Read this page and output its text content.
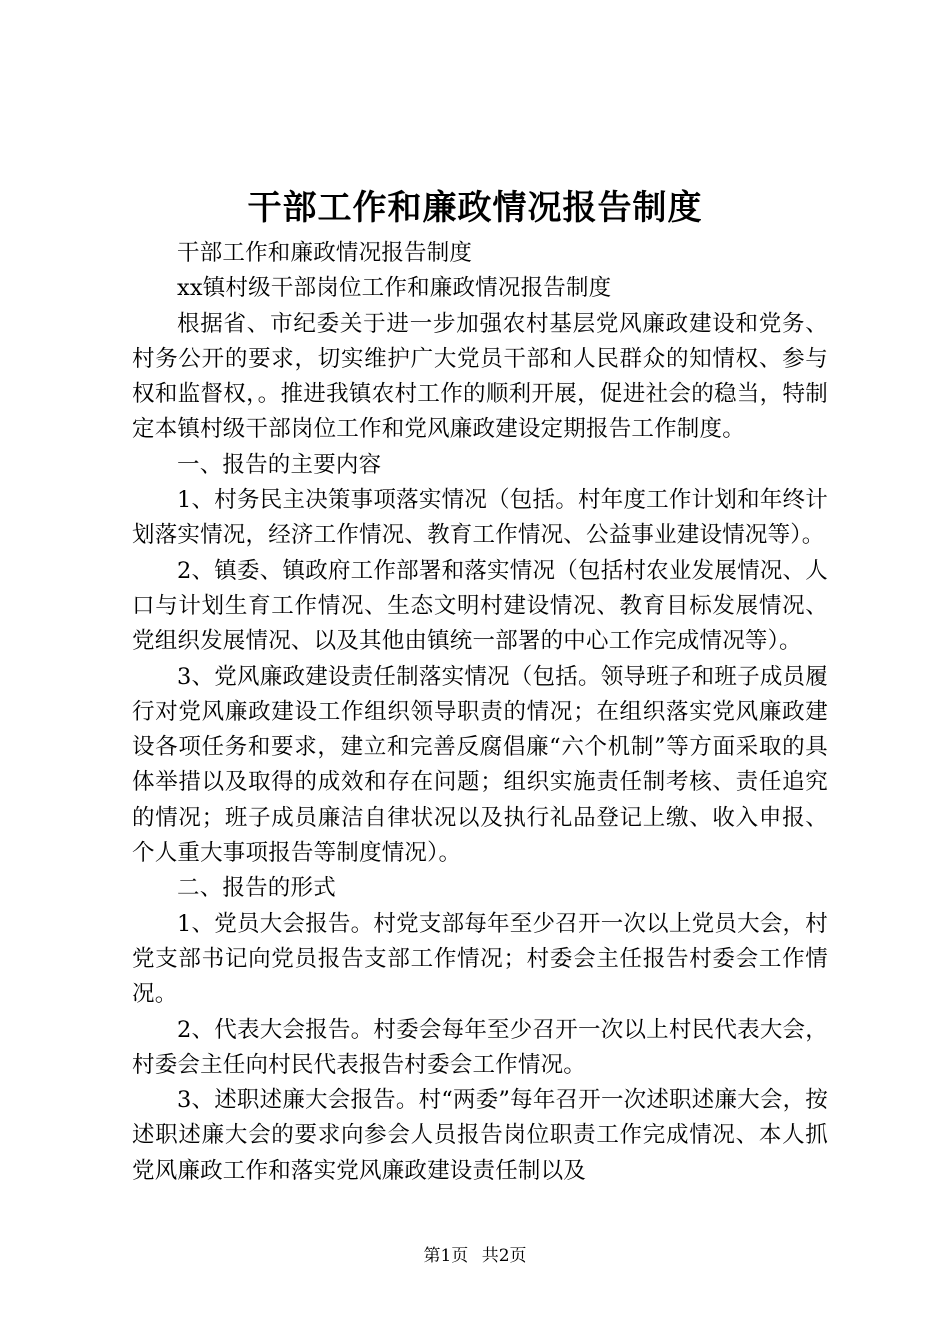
干部工作和廉政情况报告制度

干部工作和廉政情况报告制度

xx镇村级干部岗位工作和廉政情况报告制度

根据省、市纪委关于进一步加强农村基层党风廉政建设和党务、村务公开的要求，切实维护广大党员干部和人民群众的知情权、参与权和监督权，。推进我镇农村工作的顺利开展，促进社会的稳当，特制定本镇村级干部岗位工作和党风廉政建设定期报告工作制度。

一、报告的主要内容

1、村务民主决策事项落实情况（包括。村年度工作计划和年终计划落实情况，经济工作情况、教育工作情况、公益事业建设情况等）。

2、镇委、镇政府工作部署和落实情况（包括村农业发展情况、人口与计划生育工作情况、生态文明村建设情况、教育目标发展情况、党组织发展情况、以及其他由镇统一部署的中心工作完成情况等）。

3、党风廉政建设责任制落实情况（包括。领导班子和班子成员履行对党风廉政建设工作组织领导职责的情况；在组织落实党风廉政建设各项任务和要求，建立和完善反腐倡廉“六个机制”等方面采取的具体举措以及取得的成效和存在问题；组织实施责任制考核、责任追究的情况；班子成员廉洁自律状况以及执行礼品登记上缴、收入申报、个人重大事项报告等制度情况）。

二、报告的形式

1、党员大会报告。村党支部每年至少召开一次以上党员大会，村党支部书记向党员报告支部工作情况；村委会主任报告村委会工作情况。

2、代表大会报告。村委会每年至少召开一次以上村民代表大会，村委会主任向村民代表报告村委会工作情况。

3、述职述廉大会报告。村“两委”每年召开一次述职述廉大会，按述职述廉大会的要求向参会人员报告岗位职责工作完成情况、本人抓党风廉政工作和落实党风廉政建设责任制以及

第1页 共2页
